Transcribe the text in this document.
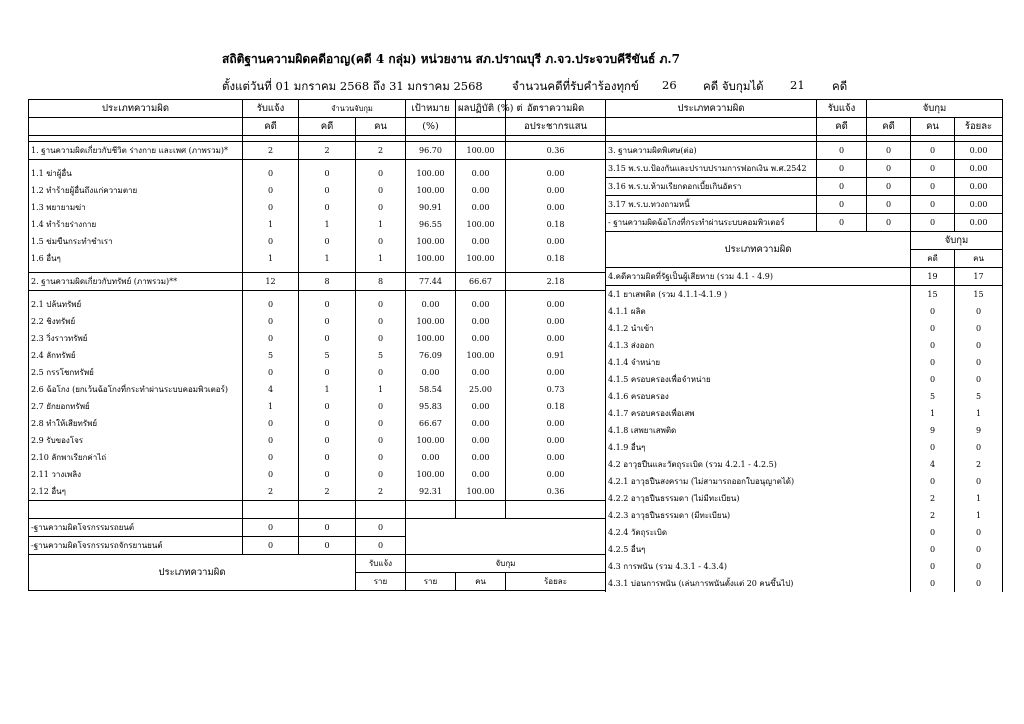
สถิติฐานความผิดคดีอาญ(คดี 4 กลุ่ม) หน่วยงาน สภ.ปราณบุรี ภ.จว.ประจวบคีรีขันธ์ ภ.7
ตั้งแต่วันที่ 01 มกราคม 2568 ถึง 31 มกราคม 2568	จำนวนคดีที่รับคำร้องทุกข์ 26 คดี จับกุมได้ 21 คดี
ประเภทความผิด	รับแจ้ง	จำนวนจับกุม		เป้าหมาย	ผลปฏิบัติ (%) ต่	อัตราความผิด
	คดี	คดี	คน	(%)		อประชากรแสน

1. ฐานความผิดเกี่ยวกับชีวิต ร่างกาย และเพศ (ภาพรวม)*	2	2	2	96.70	100.00	0.36

1.1 ฆ่าผู้อื่น	0	0	0	100.00	0.00	0.00
1.2 ทำร้ายผู้อื่นถึงแก่ความตาย	0	0	0	100.00	0.00	0.00
1.3 พยายามฆ่า	0	0	0	90.91	0.00	0.00
1.4 ทำร้ายร่างกาย	1	1	1	96.55	100.00	0.18
1.5 ข่มขืนกระทำชำเรา	0	0	0	100.00	0.00	0.00
1.6 อื่นๆ	1	1	1	100.00	100.00	0.18

2. ฐานความผิดเกี่ยวกับทรัพย์ (ภาพรวม)**	12	8	8	77.44	66.67	2.18

2.1 ปล้นทรัพย์	0	0	0	0.00	0.00	0.00
2.2 ชิงทรัพย์	0	0	0	100.00	0.00	0.00
2.3 วิ่งราวทรัพย์	0	0	0	100.00	0.00	0.00
2.4 ลักทรัพย์	5	5	5	76.09	100.00	0.91
2.5 กรรโชกทรัพย์	0	0	0	0.00	0.00	0.00
2.6 ฉ้อโกง (ยกเว้นฉ้อโกงที่กระทำผ่านระบบคอมพิวเตอร์)	4	1	1	58.54	25.00	0.73
2.7 ยักยอกทรัพย์	1	0	0	95.83	0.00	0.18
2.8 ทำให้เสียทรัพย์	0	0	0	66.67	0.00	0.00
2.9 รับของโจร	0	0	0	100.00	0.00	0.00
2.10 ลักพาเรียกค่าไถ่	0	0	0	0.00	0.00	0.00
2.11 วางเพลิง	0	0	0	100.00	0.00	0.00
2.12 อื่นๆ	2	2	2	92.31	100.00	0.36

-ฐานความผิดโจรกรรมรถยนต์	0	0	0			
-ฐานความผิดโจรกรรมรถจักรยานยนต์	0	0	0			
ประเภทความผิด			รับแจ้ง	จับกุม		
			ราย	ราย	คน	ร้อยละ
ประเภทความผิด	รับแจ้ง	จับกุม		
	คดี	คดี	คน	ร้อยละ

3. ฐานความผิดพิเศษ(ต่อ)	0	0	0	0.00
3.15 พ.ร.บ.ป้องกันและปราบปรามการฟอกเงิน พ.ศ.2542	0	0	0	0.00
3.16 พ.ร.บ.ห้ามเรียกดอกเบี้ยเกินอัตรา	0	0	0	0.00
3.17 พ.ร.บ.ทวงถามหนี้	0	0	0	0.00
- ฐานความผิดฉ้อโกงที่กระทำผ่านระบบคอมพิวเตอร์	0	0	0	0.00
ประเภทความผิด			จับกุม	
			คดี	คน
4.คดีความผิดที่รัฐเป็นผู้เสียหาย (รวม 4.1 - 4.9)			19	17
4.1 ยาเสพติด (รวม 4.1.1-4.1.9 )			15	15
4.1.1 ผลิต			0	0
4.1.2 นำเข้า			0	0
4.1.3 ส่งออก			0	0
4.1.4 จำหน่าย			0	0
4.1.5 ครอบครองเพื่อจำหน่าย			0	0
4.1.6 ครอบครอง			5	5
4.1.7 ครอบครองเพื่อเสพ			1	1
4.1.8 เสพยาเสพติด			9	9
4.1.9 อื่นๆ			0	0
4.2 อาวุธปืนและวัตถุระเบิด (รวม 4.2.1 - 4.2.5)			4	2
4.2.1 อาวุธปืนสงคราม (ไม่สามารถออกใบอนุญาตได้)			0	0
4.2.2 อาวุธปืนธรรมดา (ไม่มีทะเบียน)			2	1
4.2.3 อาวุธปืนธรรมดา (มีทะเบียน)			2	1
4.2.4 วัตถุระเบิด			0	0
4.2.5 อื่นๆ			0	0
4.3 การพนัน (รวม 4.3.1 - 4.3.4)			0	0
4.3.1 บ่อนการพนัน (เล่นการพนันตั้งแต่ 20 คนขึ้นไป)			0	0
